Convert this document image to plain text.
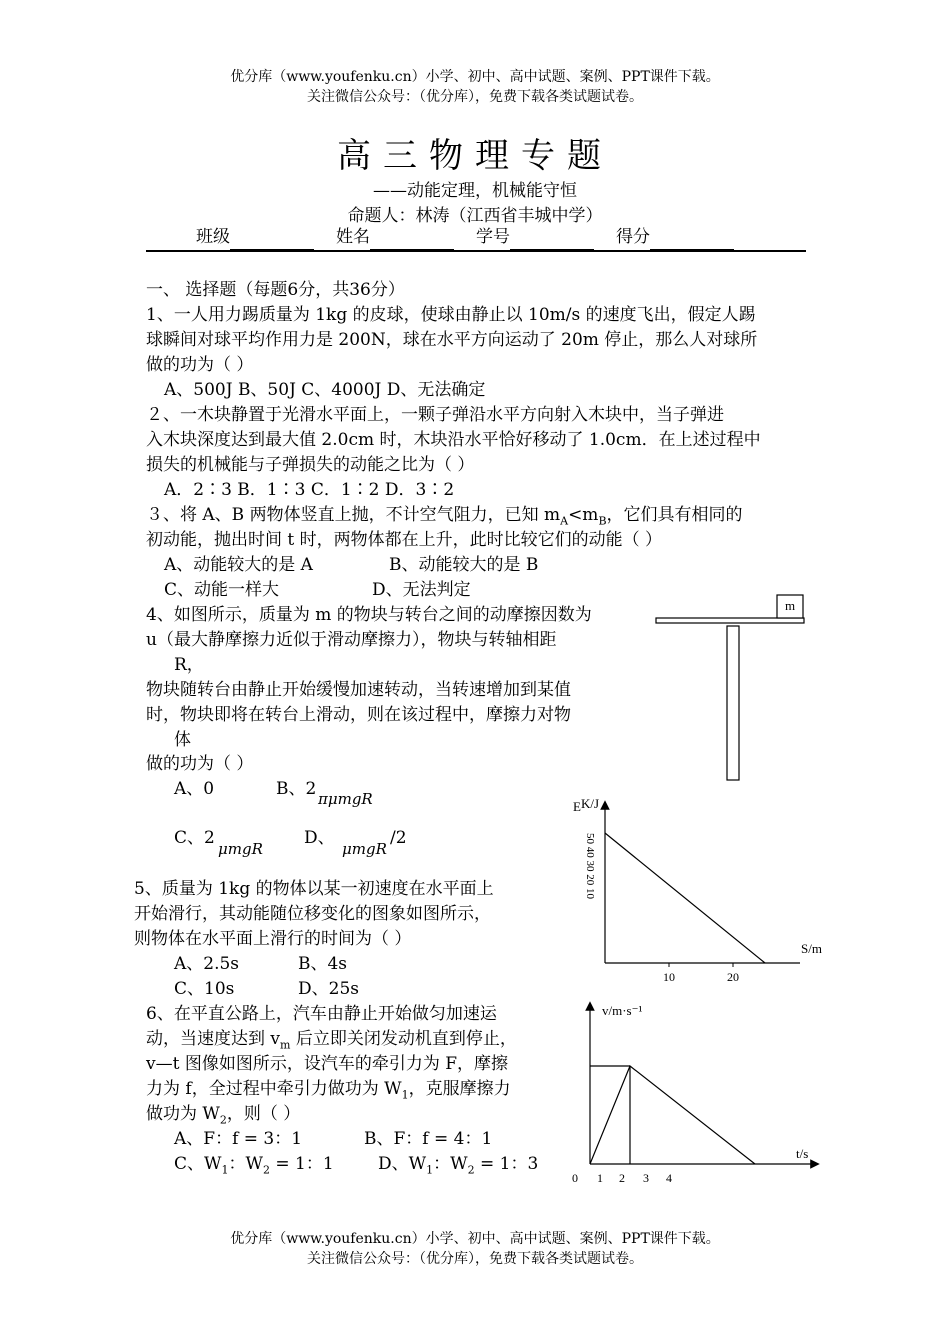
优分库（www.youfenku.cn）小学、初中、高中试题、案例、PPT课件下载。
关注微信公众号：（优分库），免费下载各类试题试卷。
高三物理专题
——动能定理，机械能守恒
命题人：林涛（江西省丰城中学）
班级	姓名	学号	得分
一、 选择题（每题6分，共36分）
1、一人用力踢质量为 1kg 的皮球，使球由静止以 10m/s 的速度飞出，假定人踢
球瞬间对球平均作用力是 200N，球在水平方向运动了 20m 停止，那么人对球所
做的功为（ ）
A、500J B、50J C、4000J D、无法确定
２、一木块静置于光滑水平面上，一颗子弹沿水平方向射入木块中，当子弹进
入木块深度达到最大值 2.0cm 时，木块沿水平恰好移动了 1.0cm．在上述过程中
损失的机械能与子弹损失的动能之比为（ ）
A．2∶3 B．1∶3 C．1∶2 D．3∶2
３、将 A、B 两物体竖直上抛，不计空气阻力，已知 $m_A<m_B$，它们具有相同的
初动能，抛出时间 t 时，两物体都在上升，此时比较它们的动能（ ）
A、动能较大的是 A	B、动能较大的是 B
C、动能一样大	D、无法判定
4、如图所示，质量为 m 的物块与转台之间的动摩擦因数为
u（最大静摩擦力近似于滑动摩擦力），物块与转轴相距
R，
物块随转台由静止开始缓慢加速转动，当转速增加到某值
时，物块即将在转台上滑动，则在该过程中，摩擦力对物
体
做的功为（ ）
A、0	B、2 πμmgR
C、2
μmgR
D、
μmgR
/2
m
5、质量为 1kg 的物体以某一初速度在水平面上
开始滑行，其动能随位移变化的图象如图所示，
则物体在水平面上滑行的时间为（ ）
A、2.5s	B、4s
C、10s	D、25s
EK/J
S/m
50 40 30 20 10
10	20
6、在平直公路上，汽车由静止开始做匀加速运
动，当速度达到 $v_m$ 后立即关闭发动机直到停止，
v—t 图像如图所示，设汽车的牵引力为 F，摩擦
力为 f，全过程中牵引力做功为 $W_1$，克服摩擦力
做功为 $W_2$，则（ ）
A、F：f = 3：1	B、F：f = 4：1
C、$W_1$：$W_2 = 1$：1	D、$W_1$：$W_2 = 1$：3
v/m·s⁻¹
t/s
0 1 2 3 4
优分库（www.youfenku.cn）小学、初中、高中试题、案例、PPT课件下载。
关注微信公众号：（优分库），免费下载各类试题试卷。
